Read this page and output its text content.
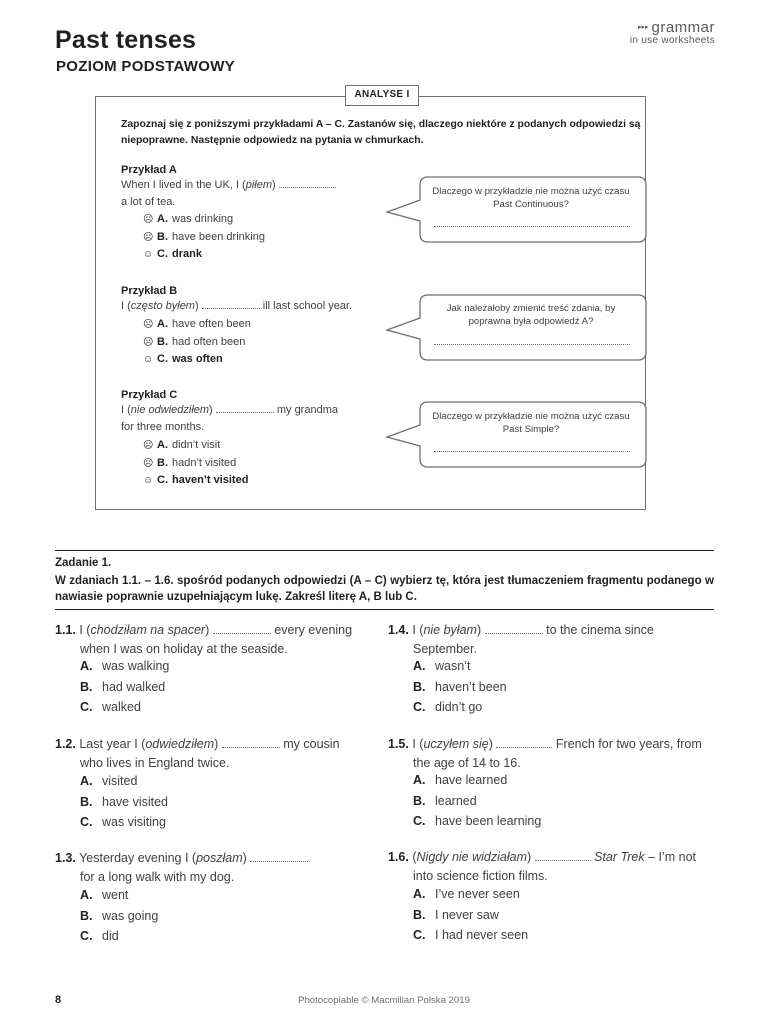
Past tenses
POZIOM PODSTAWOWY
▸▸▸ grammar
in use worksheets
ANALYSE I
Zapoznaj się z poniższymi przykładami A – C. Zastanów się, dlaczego niektóre z podanych odpowiedzi są niepoprawne. Następnie odpowiedz na pytania w chmurkach.
Przykład A
When I lived in the UK, I (piłem)
a lot of tea.
☹ A. was drinking
☹ B. have been drinking
☺ C. drank
Przykład B
I (często byłem)	ill last school year.
☹ A. have often been
☹ B. had often been
☺ C. was often
Przykład C
I (nie odwiedziłem)	my grandma
for three months.
☹ A. didn’t visit
☹ B. hadn’t visited
☺ C. haven’t visited
Dlaczego w przykładzie nie można użyć czasu Past Continuous?
Jak należałoby zmienić treść zdania, by poprawna była odpowiedź A?
Dlaczego w przykładzie nie można użyć czasu Past Simple?
Zadanie 1.
W zdaniach 1.1. – 1.6. spośród podanych odpowiedzi (A – C) wybierz tę, która jest tłumaczeniem fragmentu podanego w nawiasie poprawnie uzupełniającym lukę. Zakreśl literę A, B lub C.
1.1. I (chodziłam na spacer)	every evening
when I was on holiday at the seaside.
A. was walking
B. had walked
C. walked
1.2. Last year I (odwiedziłem)	my cousin
who lives in England twice.
A. visited
B. have visited
C. was visiting
1.3. Yesterday evening I (poszłam)
for a long walk with my dog.
A. went
B. was going
C. did
1.4. I (nie byłam)	to the cinema since
September.
A. wasn’t
B. haven’t been
C. didn’t go
1.5. I (uczyłem się)	French for two years, from
the age of 14 to 16.
A. have learned
B. learned
C. have been learning
1.6. (Nigdy nie widziałam)	Star Trek – I’m not
into science fiction films.
A. I’ve never seen
B. I never saw
C. I had never seen
Photocopiable © Macmillan Polska 2019
8
